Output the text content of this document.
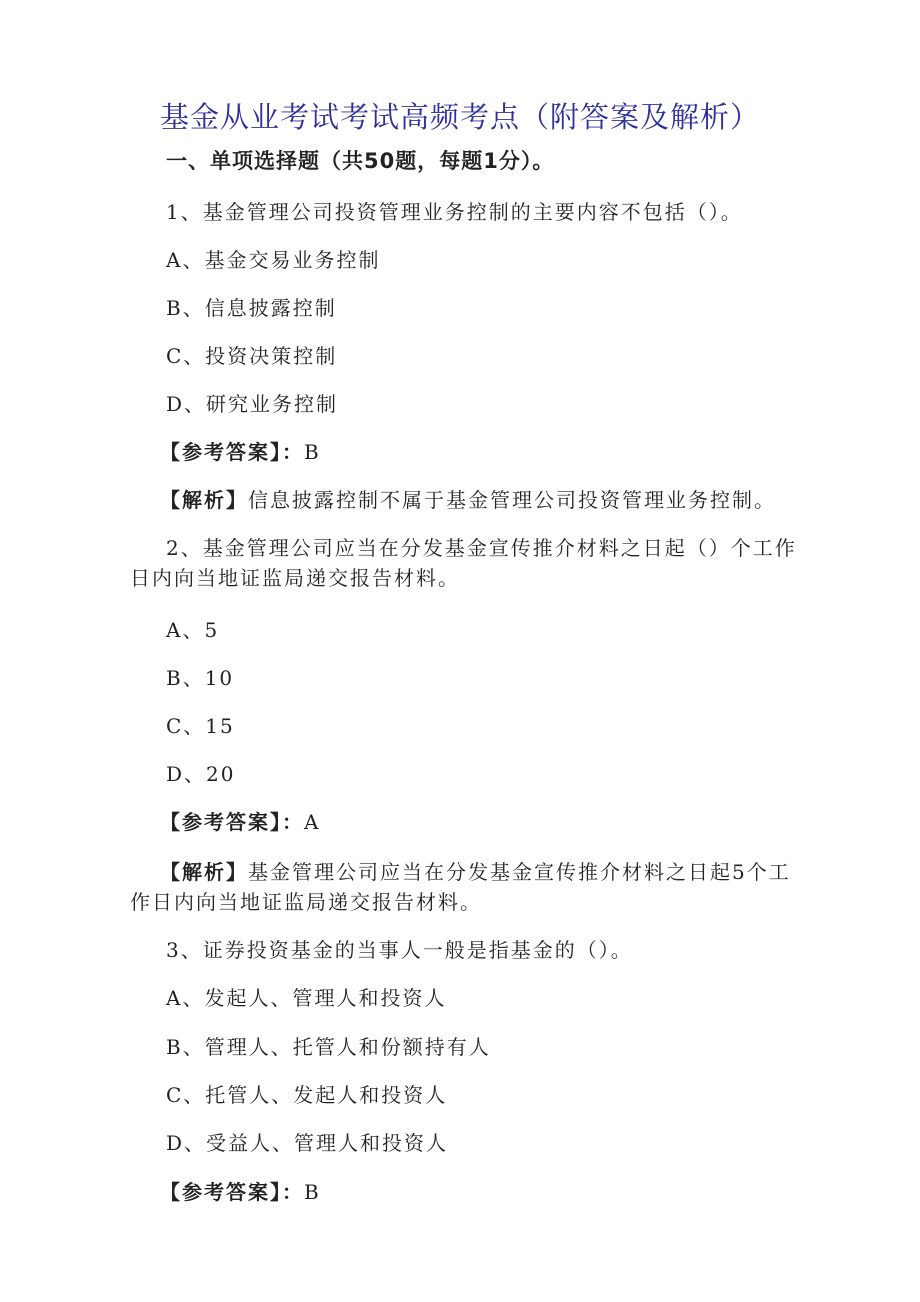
基金从业考试考试高频考点（附答案及解析）
一、单项选择题（共50题，每题1分）。
1、基金管理公司投资管理业务控制的主要内容不包括（）。
A、基金交易业务控制
B、信息披露控制
C、投资决策控制
D、研究业务控制
【参考答案】：B
【解析】信息披露控制不属于基金管理公司投资管理业务控制。
2、基金管理公司应当在分发基金宣传推介材料之日起（）个工作日内向当地证监局递交报告材料。
A、5
B、10
C、15
D、20
【参考答案】：A
【解析】基金管理公司应当在分发基金宣传推介材料之日起5个工作日内向当地证监局递交报告材料。
3、证券投资基金的当事人一般是指基金的（）。
A、发起人、管理人和投资人
B、管理人、托管人和份额持有人
C、托管人、发起人和投资人
D、受益人、管理人和投资人
【参考答案】：B
